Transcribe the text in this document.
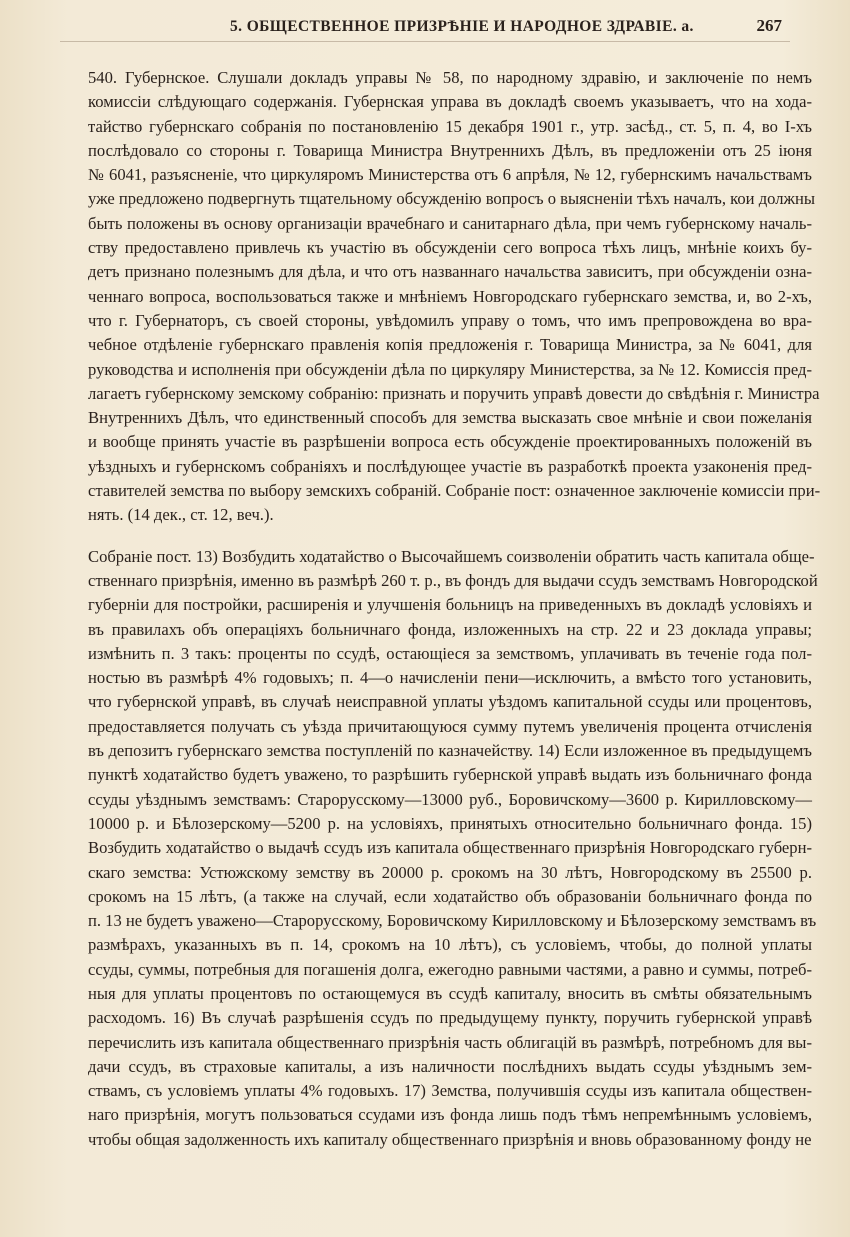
5. ОБЩЕСТВЕННОЕ ПРИЗРѢНІЕ И НАРОДНОЕ ЗДРАВІЕ. а.	267
540. Губернское. Слушали докладъ управы № 58, по народному здравію, и заключеніе по немъ
комиссіи слѣдующаго содержанія. Губернская управа въ докладѣ своемъ указываетъ, что на хода-
тайство губернскаго собранія по постановленію 15 декабря 1901 г., утр. засѣд., ст. 5, п. 4, во І-хъ
послѣдовало со стороны г. Товарища Министра Внутреннихъ Дѣлъ, въ предложеніи отъ 25 іюня
№ 6041, разъясненіе, что циркуляромъ Министерства отъ 6 апрѣля, № 12, губернскимъ начальствамъ
уже предложено подвергнуть тщательному обсужденію вопросъ о выясненіи тѣхъ началъ, кои должны
быть положены въ основу организаціи врачебнаго и санитарнаго дѣла, при чемъ губернскому началь-
ству предоставлено привлечь къ участію въ обсужденіи сего вопроса тѣхъ лицъ, мнѣніе коихъ бу-
детъ признано полезнымъ для дѣла, и что отъ названнаго начальства зависитъ, при обсужденіи озна-
ченнаго вопроса, воспользоваться также и мнѣніемъ Новгородскаго губернскаго земства, и, во 2-хъ,
что г. Губернаторъ, съ своей стороны, увѣдомилъ управу о томъ, что имъ препровождена во вра-
чебное отдѣленіе губернскаго правленія копія предложенія г. Товарища Министра, за № 6041, для
руководства и исполненія при обсужденіи дѣла по циркуляру Министерства, за № 12. Комиссія пред-
лагаетъ губернскому земскому собранію: признать и поручить управѣ довести до свѣдѣнія г. Министра
Внутреннихъ Дѣлъ, что единственный способъ для земства высказать свое мнѣніе и свои пожеланія
и вообще принять участіе въ разрѣшеніи вопроса есть обсужденіе проектированныхъ положеній въ
уѣздныхъ и губернскомъ собраніяхъ и послѣдующее участіе въ разработкѣ проекта узаконенія пред-
ставителей земства по выбору земскихъ собраній. Собраніе пост: означенное заключеніе комиссіи при-
нять. (14 дек., ст. 12, веч.).
Собраніе пост. 13) Возбудить ходатайство о Высочайшемъ соизволеніи обратить часть капитала обще-
ственнаго призрѣнія, именно въ размѣрѣ 260 т. р., въ фондъ для выдачи ссудъ земствамъ Новгородской
губерніи для постройки, расширенія и улучшенія больницъ на приведенныхъ въ докладѣ условіяхъ и
въ правилахъ объ операціяхъ больничнаго фонда, изложенныхъ на стр. 22 и 23 доклада управы;
измѣнить п. 3 такъ: проценты по ссудѣ, остающіеся за земствомъ, уплачивать въ теченіе года пол-
ностью въ размѣрѣ 4% годовыхъ; п. 4—о начисленіи пени—исключить, а вмѣсто того установить,
что губернской управѣ, въ случаѣ неисправной уплаты уѣздомъ капитальной ссуды или процентовъ,
предоставляется получать съ уѣзда причитающуюся сумму путемъ увеличенія процента отчисленія
въ депозитъ губернскаго земства поступленій по казначейству. 14) Если изложенное въ предыдущемъ
пунктѣ ходатайство будетъ уважено, то разрѣшить губернской управѣ выдать изъ больничнаго фонда
ссуды уѣзднымъ земствамъ: Старорусскому—13000 руб., Боровичскому—3600 р. Кирилловскому—
10000 р. и Бѣлозерскому—5200 р. на условіяхъ, принятыхъ относительно больничнаго фонда. 15)
Возбудить ходатайство о выдачѣ ссудъ изъ капитала общественнаго призрѣнія Новгородскаго губерн-
скаго земства: Устюжскому земству въ 20000 р. срокомъ на 30 лѣтъ, Новгородскому въ 25500 р.
срокомъ на 15 лѣтъ, (а также на случай, если ходатайство объ образованіи больничнаго фонда по
п. 13 не будетъ уважено—Старорусскому, Боровичскому Кирилловскому и Бѣлозерскому земствамъ въ
размѣрахъ, указанныхъ въ п. 14, срокомъ на 10 лѣтъ), съ условіемъ, чтобы, до полной уплаты
ссуды, суммы, потребныя для погашенія долга, ежегодно равными частями, а равно и суммы, потреб-
ныя для уплаты процентовъ по остающемуся въ ссудѣ капиталу, вносить въ смѣты обязательнымъ
расходомъ. 16) Въ случаѣ разрѣшенія ссудъ по предыдущему пункту, поручить губернской управѣ
перечислить изъ капитала общественнаго призрѣнія часть облигацій въ размѣрѣ, потребномъ для вы-
дачи ссудъ, въ страховые капиталы, а изъ наличности послѣднихъ выдать ссуды уѣзднымъ зем-
ствамъ, съ условіемъ уплаты 4% годовыхъ. 17) Земства, получившія ссуды изъ капитала обществен-
наго призрѣнія, могутъ пользоваться ссудами изъ фонда лишь подъ тѣмъ непремѣннымъ условіемъ,
чтобы общая задолженность ихъ капиталу общественнаго призрѣнія и вновь образованному фонду не
